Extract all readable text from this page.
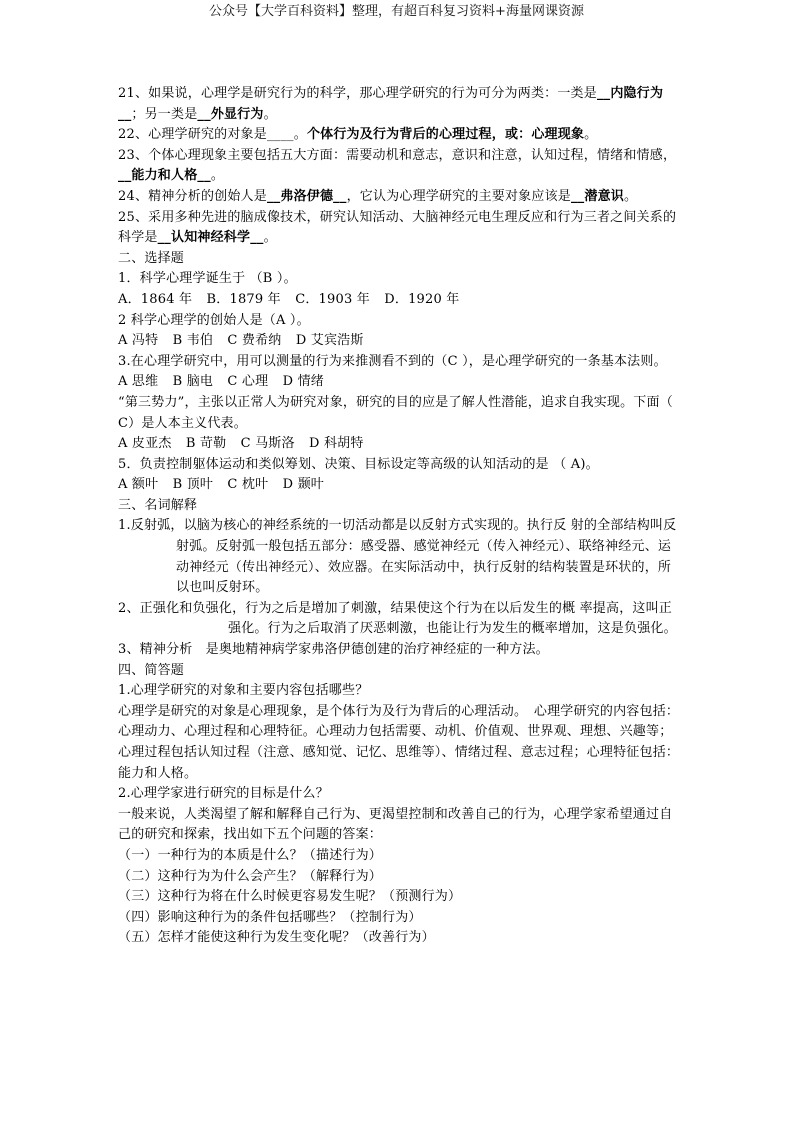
公众号【大学百科资料】整理，有超百科复习资料+海量网课资源

21、如果说，心理学是研究行为的科学，那心理学研究的行为可分为两类：一类是__内隐行为__；另一类是__外显行为。

22、心理学研究的对象是____。个体行为及行为背后的心理过程，或：心理现象。

23、个体心理现象主要包括五大方面：需要动机和意志，意识和注意，认知过程，情绪和情感，__能力和人格__。

24、精神分析的创始人是__弗洛伊德__，它认为心理学研究的主要对象应该是__潜意识。

25、采用多种先进的脑成像技术，研究认知活动、大脑神经元电生理反应和行为三者之间关系的科学是__认知神经科学__。

二、选择题

1．科学心理学诞生于 （B ）。

A．1864 年 B．1879 年 C．1903 年 D．1920 年

2 科学心理学的创始人是（A ）。

A 冯特 B 韦伯 C 费希纳 D 艾宾浩斯

3.在心理学研究中，用可以测量的行为来推测看不到的（C ），是心理学研究的一条基本法则。

A 思维 B 脑电 C 心理 D 情绪

“第三势力”，主张以正常人为研究对象，研究的目的应是了解人性潜能，追求自我实现。下面（ C）是人本主义代表。

A 皮亚杰 B 苛勒 C 马斯洛 D 科胡特

5．负责控制躯体运动和类似筹划、决策、目标设定等高级的认知活动的是 （ A)。

A 额叶 B 顶叶 C 枕叶 D 颞叶

三、名词解释

1.反射弧，以脑为核心的神经系统的一切活动都是以反射方式实现的。执行反 射的全部结构叫反射弧。反射弧一般包括五部分：感受器、感觉神经元（传入神经元）、联络神经元、运动神经元（传出神经元）、效应器。在实际活动中，执行反射的结构装置是环状的，所以也叫反射环。

2、正强化和负强化，行为之后是增加了刺激，结果使这个行为在以后发生的概 率提高，这叫正强化。行为之后取消了厌恶刺激，也能让行为发生的概率增加，这是负强化。

3、精神分析　是奥地精神病学家弗洛伊德创建的治疗神经症的一种方法。

四、简答题

1.心理学研究的对象和主要内容包括哪些？

心理学是研究的对象是心理现象，是个体行为及行为背后的心理活动。　心理学研究的内容包括：心理动力、心理过程和心理特征。心理动力包括需要、动机、价值观、世界观、理想、兴趣等；心理过程包括认知过程（注意、感知觉、记忆、思维等）、情绪过程、意志过程；心理特征包括：能力和人格。

2.心理学家进行研究的目标是什么？

一般来说，人类渴望了解和解释自己行为、更渴望控制和改善自己的行为，心理学家希望通过自己的研究和探索，找出如下五个问题的答案：

（一）一种行为的本质是什么？（描述行为）

（二）这种行为为什么会产生？（解释行为）

（三）这种行为将在什么时候更容易发生呢？（预测行为）

（四）影响这种行为的条件包括哪些？（控制行为）

（五）怎样才能使这种行为发生变化呢？（改善行为）
